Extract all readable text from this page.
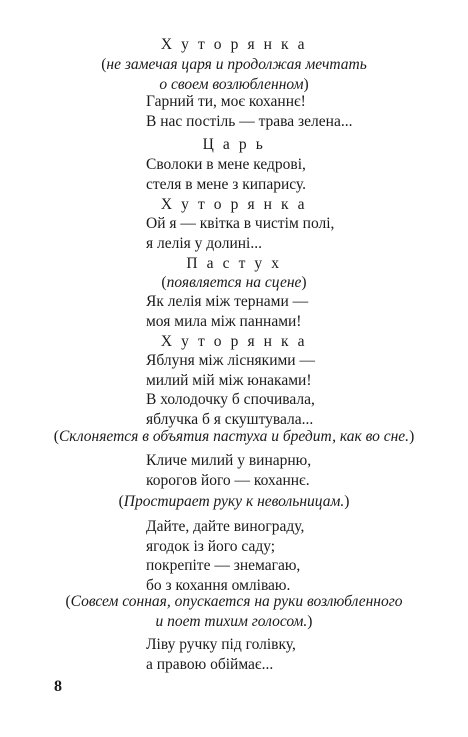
Х у т о р я н к а
(не замечая царя и продолжая мечтать
о своем возлюбленном)
Гарний ти, моє коханнє!
В нас постіль — трава зелена...
Ц а р ь
Сволоки в мене кедрові,
стеля в мене з кипарису.
Х у т о р я н к а
Ой я — квітка в чистім полі,
я лелія у долині...
П а с т у х
(появляется на сцене)
Як лелія між тернами —
моя мила між паннами!
Х у т о р я н к а
Яблуня між ліснякими —
милий мій між юнаками!
В холодочку б спочивала,
яблучка б я скуштувала...
(Склоняется в объятия пастуха и бредит, как во сне.)
Кличе милий у винарню,
корогов його — коханнє.
(Простирает руку к невольницам.)
Дайте, дайте винограду,
ягодок із його саду;
покрепіте — знемагаю,
бо з кохання омліваю.
(Совсем сонная, опускается на руки возлюбленного
и поет тихим голосом.)
Ліву ручку під голівку,
а правою обіймає...
8
